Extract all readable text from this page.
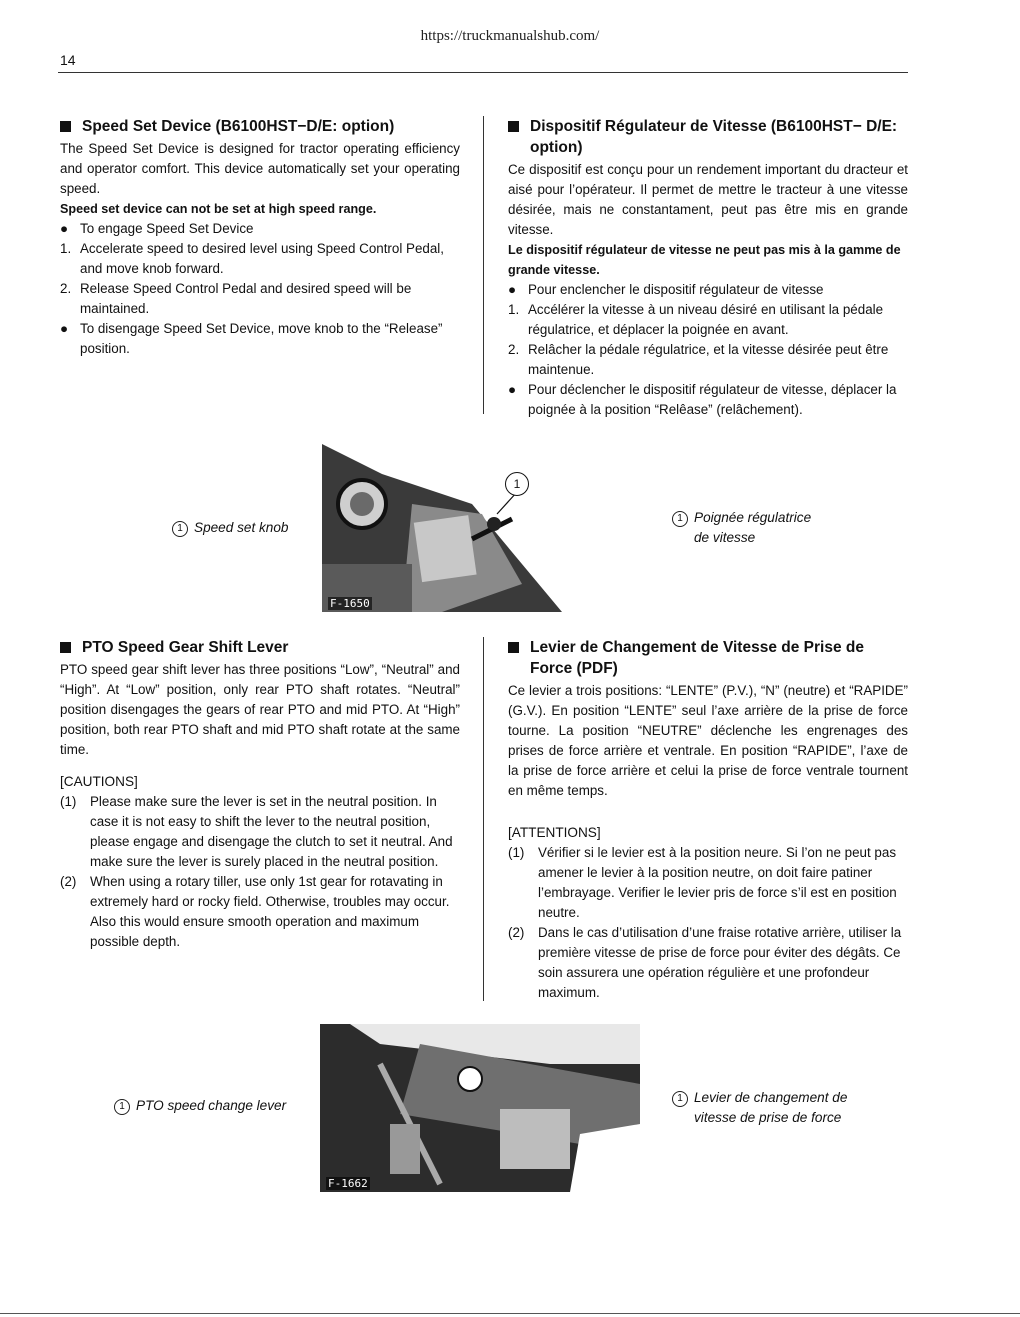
https://truckmanualshub.com/
14
Speed Set Device (B6100HST−D/E: option)

The Speed Set Device is designed for tractor operating efficiency and operator comfort. This device automatically set your operating speed.

Speed set device can not be set at high speed range.

● To engage Speed Set Device
1. Accelerate speed to desired level using Speed Control Pedal, and move knob forward.
2. Release Speed Control Pedal and desired speed will be maintained.
● To disengage Speed Set Device, move knob to the “Release” position.
Dispositif Régulateur de Vitesse (B6100HST− D/E: option)

Ce dispositif est conçu pour un rendement important du dracteur et aisé pour l’opérateur. Il permet de mettre le tracteur à une vitesse désirée, mais ne constantament, peut pas être mis en grande vitesse.

Le dispositif régulateur de vitesse ne peut pas mis à la gamme de grande vitesse.

● Pour enclencher le dispositif régulateur de vitesse
1. Accélérer la vitesse à un niveau désiré en utilisant la pédale régulatrice, et déplacer la poignée en avant.
2. Relâcher la pédale régulatrice, et la vitesse désirée peut être maintenue.
● Pour déclencher le dispositif régulateur de vitesse, déplacer la poignée à la position “Relêase” (relâchement).
1 Speed set knob
1
F-1650
1 Poignée régulatrice
de vitesse
PTO Speed Gear Shift Lever

PTO speed gear shift lever has three positions “Low”, “Neutral” and “High”. At “Low” position, only rear PTO shaft rotates. “Neutral” position disengages the gears of rear PTO and mid PTO. At “High” position, both rear PTO shaft and mid PTO shaft rotate at the same time.

[CAUTIONS]

(1) Please make sure the lever is set in the neutral position. In case it is not easy to shift the lever to the neutral position, please engage and disengage the clutch to set it neutral. And make sure the lever is surely placed in the neutral position.
(2) When using a rotary tiller, use only 1st gear for rotavating in extremely hard or rocky field. Otherwise, troubles may occur.
Also this would ensure smooth operation and maximum possible depth.
Levier de Changement de Vitesse de Prise de Force (PDF)

Ce levier a trois positions: “LENTE” (P.V.), “N” (neutre) et “RAPIDE” (G.V.). En position “LENTE” seul l’axe arrière de la prise de force tourne. La position “NEUTRE” déclenche les engrenages des prises de force arrière et ventrale. En position “RAPIDE”, l’axe de la prise de force arrière et celui la prise de force ventrale tournent en même temps.

[ATTENTIONS]

(1) Vérifier si le levier est à la position neure. Si l’on ne peut pas amener le levier à la position neutre, on doit faire patiner l’embrayage. Verifier le levier pris de force s’il est en position neutre.
(2) Dans le cas d’utilisation d’une fraise rotative arrière, utiliser la première vitesse de prise de force pour éviter des dégâts. Ce soin assurera une opération régulière et une profondeur maximum.
1 PTO speed change lever
F-1662
1 Levier de changement de
vitesse de prise de force
